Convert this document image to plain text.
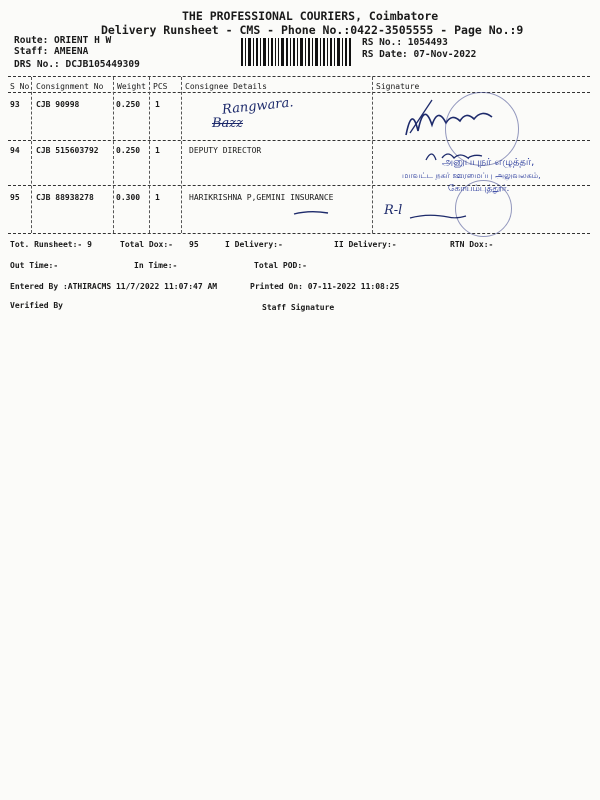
THE PROFESSIONAL COURIERS, Coimbatore
Delivery Runsheet - CMS - Phone No.:0422-3505555 - Page No.:9
Route: ORIENT H W
Staff: AMEENA
DRS No.: DCJB105449309
RS No.: 1054493
RS Date: 07-Nov-2022
S No Consignment No Weight PCS Consignee Details	Signature
93 CJB 90998	0.250 1	Rangwara.
Bazz
94 CJB 515603792 0.250 1	DEPUTY DIRECTOR
95 CJB 88938278	0.300 1	HARIKRISHNA P,GEMINI INSURANCE
அனுப்புநர் எழுத்தர்,
மாவட்ட நகர் ஊரமைப்பு அலுவலகம்,
கோயம்புத்தூர்.
R-l
Tot. Runsheet:- 9	Total Dox:- 95	I Delivery:-	II Delivery:-	RTN Dox:-
Out Time:-	In Time:-	Total POD:-
Entered By :ATHIRACMS 11/7/2022 11:07:47 AM	Printed On: 07-11-2022 11:08:25
Verified By	Staff Signature
